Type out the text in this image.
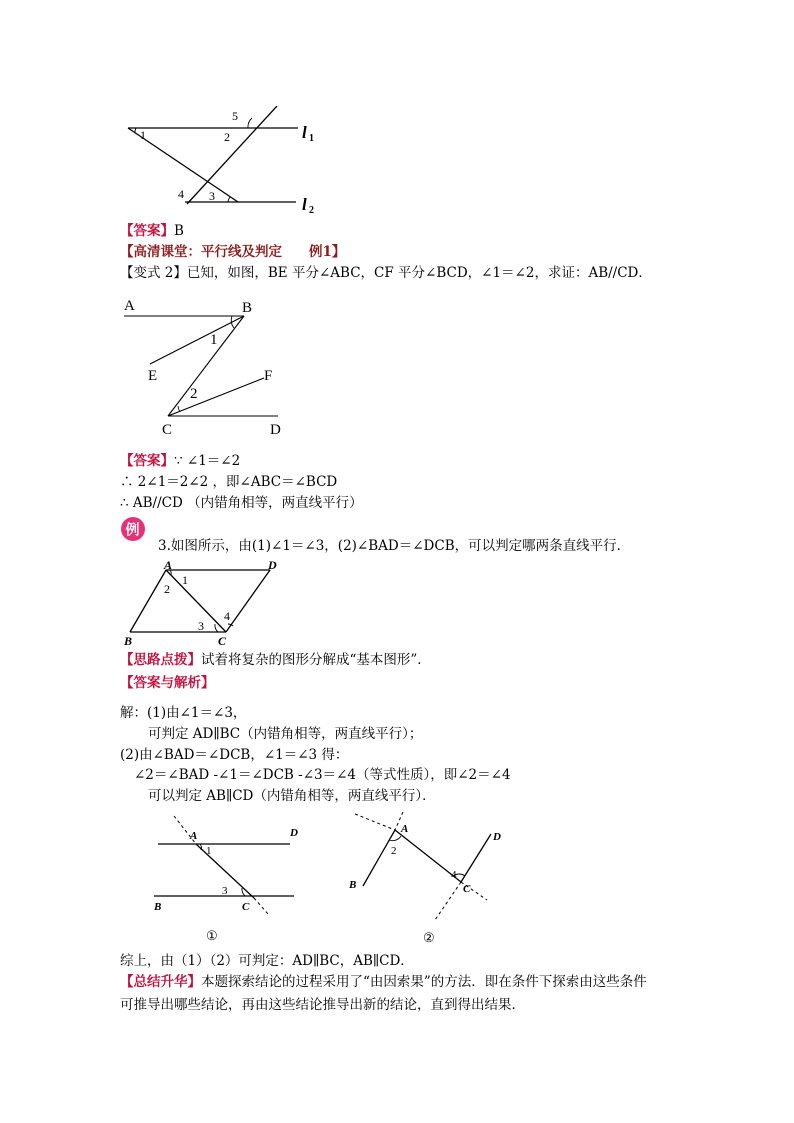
1	2
3
4
5
l 1
l 2
【答案】B
【高清课堂：平行线及判定　　例1】
【变式 2】已知，如图，BE 平分∠ABC，CF 平分∠BCD，∠1＝∠2，求证：AB//CD．
A	B
1
E
2
F
C	D
【答案】∵ ∠1＝∠2
∴ 2∠1＝2∠2 ，即∠ABC＝∠BCD
∴ AB//CD （内错角相等，两直线平行）
例
3.如图所示，由(1)∠1＝∠3，(2)∠BAD＝∠DCB，可以判定哪两条直线平行．
A	D
1
2
4
3
B	C
【思路点拨】试着将复杂的图形分解成“基本图形”．
【答案与解析】
解：(1)由∠1＝∠3，
可判定 AD∥BC（内错角相等，两直线平行）；
(2)由∠BAD＝∠DCB，∠1＝∠3 得：
∠2＝∠BAD -∠1＝∠DCB -∠3＝∠4（等式性质），即∠2＝∠4
可以判定 AB∥CD（内错角相等，两直线平行）．
A	D
1
3
B	C
①
A
D
2
4
B	C
②
综上，由（1）（2）可判定：AD∥BC，AB∥CD．
【总结升华】本题探索结论的过程采用了“由因索果”的方法．即在条件下探索由这些条件
可推导出哪些结论，再由这些结论推导出新的结论，直到得出结果．
